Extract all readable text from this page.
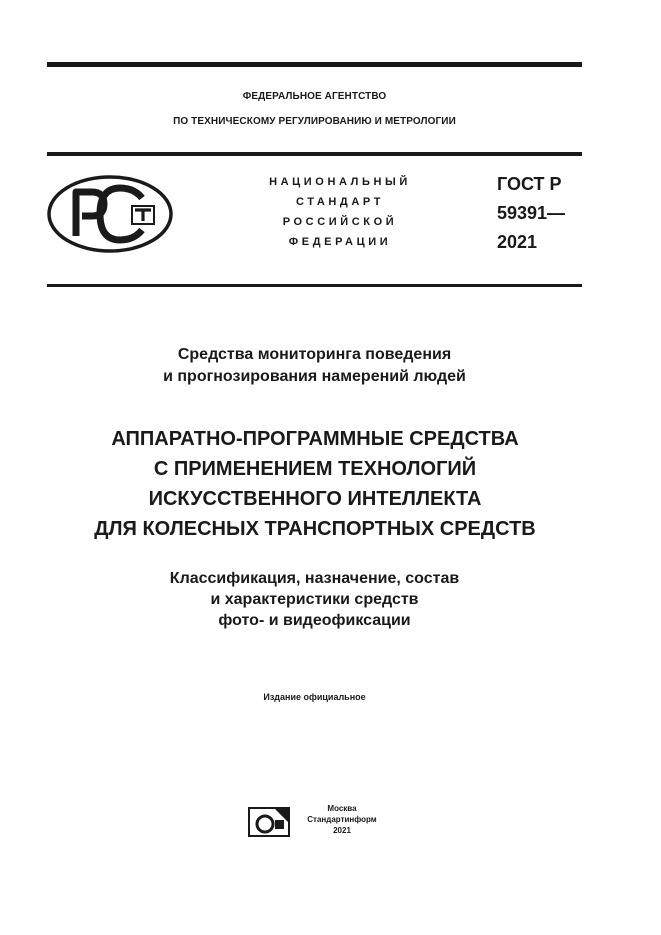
ФЕДЕРАЛЬНОЕ АГЕНТСТВО
ПО ТЕХНИЧЕСКОМУ РЕГУЛИРОВАНИЮ И МЕТРОЛОГИИ
НАЦИОНАЛЬНЫЙ
СТАНДАРТ
РОССИЙСКОЙ
ФЕДЕРАЦИИ
ГОСТ Р
59391—
2021
Средства мониторинга поведения
и прогнозирования намерений людей
АППАРАТНО-ПРОГРАММНЫЕ СРЕДСТВА
С ПРИМЕНЕНИЕМ ТЕХНОЛОГИЙ
ИСКУССТВЕННОГО ИНТЕЛЛЕКТА
ДЛЯ КОЛЕСНЫХ ТРАНСПОРТНЫХ СРЕДСТВ
Классификация, назначение, состав
и характеристики средств
фото- и видеофиксации
Издание официальное
Москва
Стандартинформ
2021
